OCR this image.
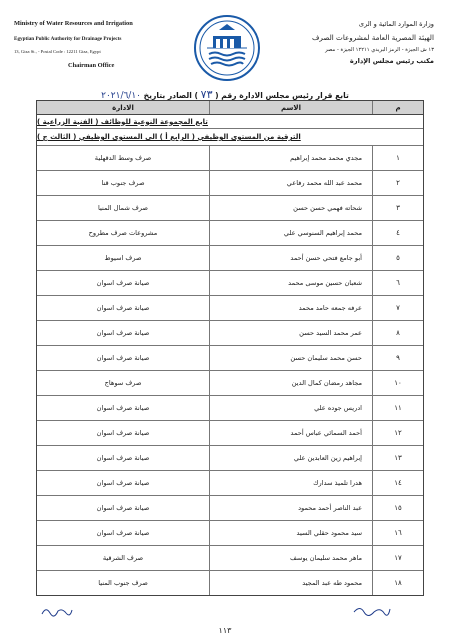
Ministry of Water Resources and Irrigation
Egyptian Public Authority for Drainage Projects
13, Giza St., - Postal Code : 12211 Giza, Egypt
Chairman Office
وزارة الموارد المائية و الرى
الهيئة المصرية العامة لمشروعات الصرف
١٣ ش الجيزة - الرمز البريدي ١٢٢١١ الجيزة - مصر
مكتب رئيس مجلس الإدارة
تابع قرار رئيس مجلس الادارة رقم ( ٧٣ ) الصادر بتاريخ ٢٠٢١/٦/١٠
م
الاسم
الادارة
تابع المجموعة النوعية للوظائف ( الفنية الزراعية )
الترقية من المستوى الوظيفي ( الرابع أ ) الى المستوى الوظيفي ( الثالث ج )
١
مجدي محمد محمد إبراهيم
صرف وسط الدقهلية
٢
محمد عبد الله محمد رفاعي
صرف جنوب قنا
٣
شحاته فهمي حسن حسن
صرف شمال المنيا
٤
محمد إبراهيم السنوسي علي
مشروعات صرف مطروح
٥
أبو جامع فتحي حسن أحمد
صرف اسيوط
٦
شعبان حسين موسى محمد
صيانة صرف اسوان
٧
عرفه جمعه حامد محمد
صيانة صرف اسوان
٨
عمر محمد السيد حسن
صيانة صرف اسوان
٩
حسن محمد سليمان حسن
صيانة صرف اسوان
١٠
مجاهد رمضان كمال الدين
صرف سوهاج
١١
ادريس جوده علي
صيانة صرف اسوان
١٢
أحمد السمائي عباس أحمد
صيانة صرف اسوان
١٣
إبراهيم زين العابدين علي
صيانة صرف اسوان
١٤
هدرا تلميذ سدارك
صيانة صرف اسوان
١٥
عبد الناصر أحمد محمود
صيانة صرف اسوان
١٦
سيد محمود حقلي السيد
صيانة صرف اسوان
١٧
ماهر محمد سليمان يوسف
صرف الشرقية
١٨
محمود طه عبد المجيد
صرف جنوب المنيا
١١٣
